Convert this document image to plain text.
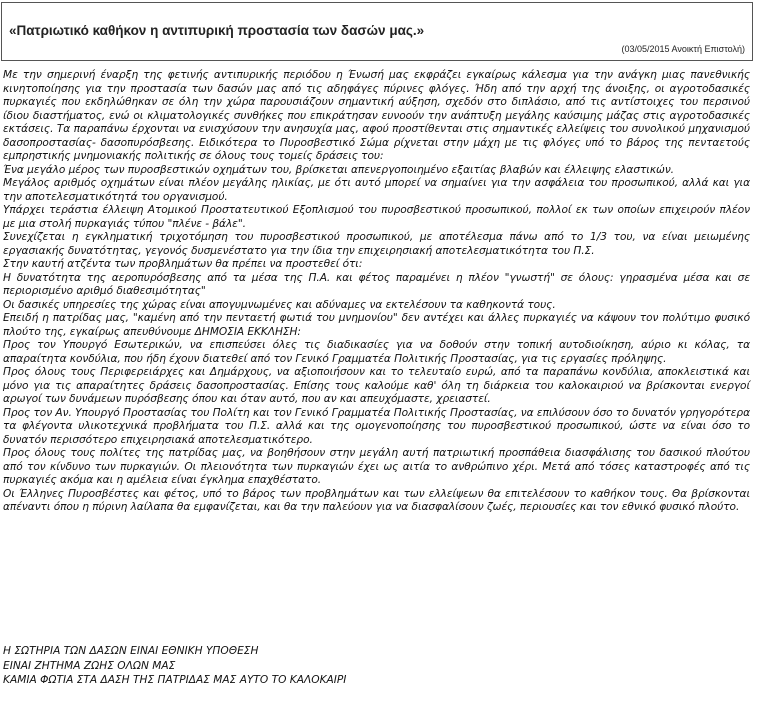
«Πατριωτικό καθήκον η αντιπυρική προστασία των δασών μας.»
(03/05/2015 Ανοικτή Επιστολή)

Με την σημερινή έναρξη της φετινής αντιπυρικής περιόδου η Ένωσή μας εκφράζει εγκαίρως κάλεσμα για την ανάγκη μιας πανεθνικής κινητοποίησης για την προστασία των δασών μας από τις αδηφάγες πύρινες φλόγες. Ήδη από την αρχή της άνοιξης, οι αγροτοδασικές πυρκαγιές που εκδηλώθηκαν σε όλη την χώρα παρουσιάζουν σημαντική αύξηση, σχεδόν στο διπλάσιο, από τις αντίστοιχες του περσινού ίδιου διαστήματος, ενώ οι κλιματολογικές συνθήκες που επικράτησαν ευνοούν την ανάπτυξη μεγάλης καύσιμης μάζας στις αγροτοδασικές εκτάσεις. Τα παραπάνω έρχονται να ενισχύσουν την ανησυχία μας, αφού προστίθενται στις σημαντικές ελλείψεις του συνολικού μηχανισμού δασοπροστασίας- δασοπυρόσβεσης. Ειδικότερα το Πυροσβεστικό Σώμα ρίχνεται στην μάχη με τις φλόγες υπό το βάρος της πενταετούς εμπρηστικής μνημονιακής πολιτικής σε όλους τους τομείς δράσεις του:

Ένα μεγάλο μέρος των πυροσβεστικών οχημάτων του, βρίσκεται απενεργοποιημένο εξαιτίας βλαβών και έλλειψης ελαστικών.

Μεγάλος αριθμός οχημάτων είναι πλέον μεγάλης ηλικίας, με ότι αυτό μπορεί να σημαίνει για την ασφάλεια του προσωπικού, αλλά και για την αποτελεσματικότητά του οργανισμού.

Υπάρχει τεράστια έλλειψη Ατομικού Προστατευτικού Εξοπλισμού του πυροσβεστικού προσωπικού, πολλοί εκ των οποίων επιχειρούν πλέον με μια στολή πυρκαγιάς τύπου "πλένε - βάλε".

Συνεχίζεται η εγκληματική τριχοτόμηση του πυροσβεστικού προσωπικού, με αποτέλεσμα πάνω από το 1/3 του, να είναι μειωμένης εργασιακής δυνατότητας, γεγονός δυσμενέστατο για την ίδια την επιχειρησιακή αποτελεσματικότητα του Π.Σ.

Στην καυτή ατζέντα των προβλημάτων θα πρέπει να προστεθεί ότι:

Η δυνατότητα της αεροπυρόσβεσης από τα μέσα της Π.Α. και φέτος παραμένει η πλέον "γνωστή" σε όλους: γηρασμένα μέσα και σε περιορισμένο αριθμό διαθεσιμότητας"

Οι δασικές υπηρεσίες της χώρας είναι απογυμνωμένες και αδύναμες να εκτελέσουν τα καθηκοντά τους.

Επειδή η πατρίδας μας, "καμένη από την πενταετή φωτιά του μνημονίου" δεν αντέχει και άλλες πυρκαγιές να κάψουν τον πολύτιμο φυσικό πλούτο της, εγκαίρως απευθύνουμε ΔΗΜΟΣΙΑ ΕΚΚΛΗΣΗ:

Προς τον Υπουργό Εσωτερικών, να επισπεύσει όλες τις διαδικασίες για να δοθούν στην τοπική αυτοδιοίκηση, αύριο κι κόλας, τα απαραίτητα κονδύλια, που ήδη έχουν διατεθεί από τον Γενικό Γραμματέα Πολιτικής Προστασίας, για τις εργασίες πρόληψης.

Προς όλους τους Περιφερειάρχες και Δημάρχους, να αξιοποιήσουν και το τελευταίο ευρώ, από τα παραπάνω κονδύλια, αποκλειστικά και μόνο για τις απαραίτητες δράσεις δασοπροστασίας. Επίσης τους καλούμε καθ' όλη τη διάρκεια του καλοκαιριού να βρίσκονται ενεργοί αρωγοί των δυνάμεων πυρόσβεσης όπου και όταν αυτό, που αν και απευχόμαστε, χρειαστεί.

Προς τον Αν. Υπουργό Προστασίας του Πολίτη και τον Γενικό Γραμματέα Πολιτικής Προστασίας, να επιλύσουν όσο το δυνατόν γρηγορότερα τα φλέγοντα υλικοτεχνικά προβλήματα του Π.Σ. αλλά και της ομογενοποίησης του πυροσβεστικού προσωπικού, ώστε να είναι όσο το δυνατόν περισσότερο επιχειρησιακά αποτελεσματικότερο.

Προς όλους τους πολίτες της πατρίδας μας, να βοηθήσουν στην μεγάλη αυτή πατριωτική προσπάθεια διασφάλισης του δασικού πλούτου από τον κίνδυνο των πυρκαγιών. Οι πλειονότητα των πυρκαγιών έχει ως αιτία το ανθρώπινο χέρι. Μετά από τόσες καταστροφές από τις πυρκαγιές ακόμα και η αμέλεια είναι έγκλημα επαχθέστατο.

Οι Έλληνες Πυροσβέστες και φέτος, υπό το βάρος των προβλημάτων και των ελλείψεων θα επιτελέσουν το καθήκον τους. Θα βρίσκονται απέναντι όπου η πύρινη λαίλαπα θα εμφανίζεται, και θα την παλεύουν για να διασφαλίσουν ζωές, περιουσίες και τον εθνικό φυσικό πλούτο.

Η ΣΩΤΗΡΙΑ ΤΩΝ ΔΑΣΩΝ ΕΙΝΑΙ ΕΘΝΙΚΗ ΥΠΟΘΕΣΗ
ΕΙΝΑΙ ΖΗΤΗΜΑ ΖΩΗΣ ΟΛΩΝ ΜΑΣ
ΚΑΜΙΑ ΦΩΤΙΑ ΣΤΑ ΔΑΣΗ ΤΗΣ ΠΑΤΡΙΔΑΣ ΜΑΣ ΑΥΤΟ ΤΟ ΚΑΛΟΚΑΙΡΙ
